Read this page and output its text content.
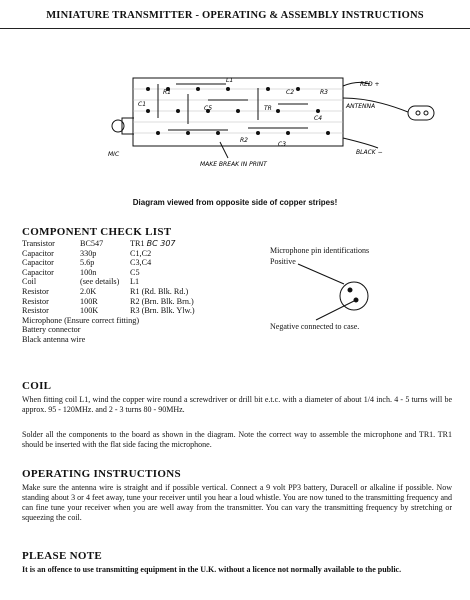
MINIATURE TRANSMITTER - OPERATING & ASSEMBLY INSTRUCTIONS
R1
L1
C1
C5
C2	R3
TR
R2
C3
C4
RED +
ANTENNA
BLACK −
MIC
MAKE BREAK IN PRINT
Diagram viewed from opposite side of copper stripes!
COMPONENT CHECK LIST
Transistor	BC547	TR1 BC 307
Capacitor	330p	C1,C2
Capacitor	5.6p	C3,C4
Capacitor	100n	C5
Coil	(see details)	L1
Resistor	2.0K	R1 (Rd. Blk. Rd.)
Resistor	100R	R2 (Brn. Blk. Brn.)
Resistor	100K	R3 (Brn. Blk. Ylw.)
Microphone (Ensure correct fitting)		
Battery connector		
Black antenna wire		
Microphone pin identifications
Positive
Negative connected to case.
COIL
When fitting coil L1, wind the copper wire round a screwdriver or drill bit e.t.c. with a diameter of about 1/4 inch. 4 - 5 turns will be approx. 95 - 120MHz. and 2 - 3 turns 80 - 90MHz.
Solder all the components to the board as shown in the diagram. Note the correct way to assemble the microphone and TR1. TR1 should be inserted with the flat side facing the microphone.
OPERATING INSTRUCTIONS
Make sure the antenna wire is straight and if possible vertical. Connect a 9 volt PP3 battery, Duracell or alkaline if possible. Now standing about 3 or 4 feet away, tune your receiver until you hear a loud whistle. You are now tuned to the transmitting frequency and can fine tune your receiver when you are well away from the transmitter. You can vary the transmitting frequency by stretching or squeezing the coil.
PLEASE NOTE
It is an offence to use transmitting equipment in the U.K. without a licence not normally available to the public.
